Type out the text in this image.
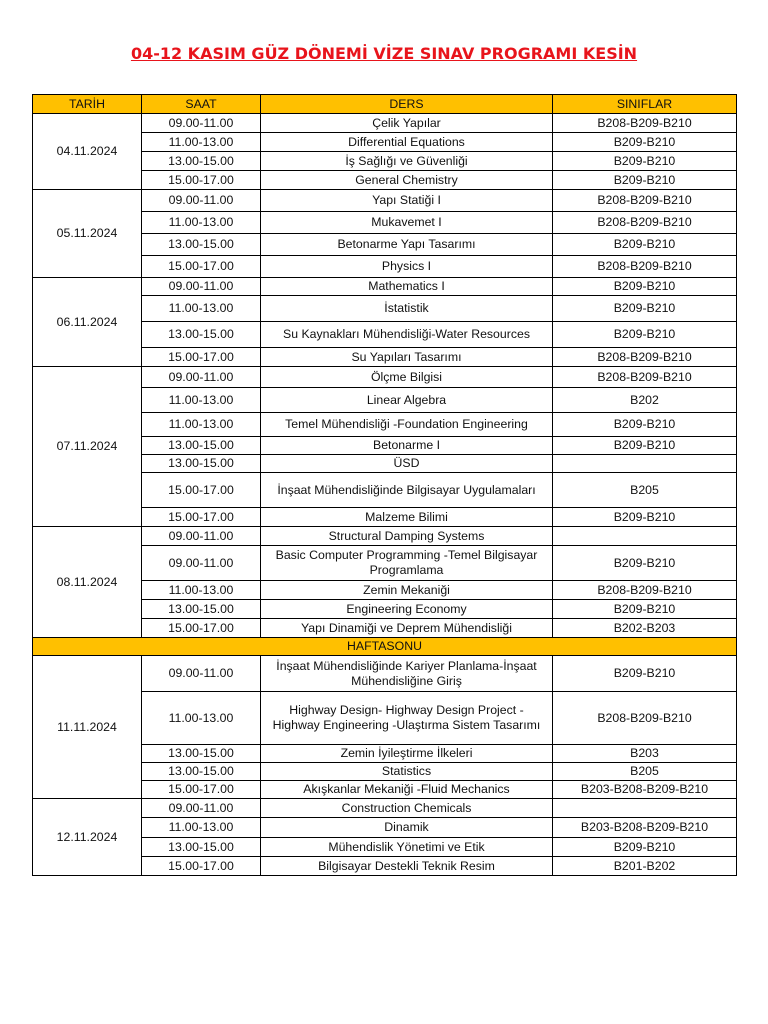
04-12 KASIM GÜZ DÖNEMİ VİZE SINAV PROGRAMI KESİN
TARİH	SAAT	DERS	SINIFLAR
04.11.2024	09.00-11.00	Çelik Yapılar	B208-B209-B210
	11.00-13.00	Differential Equations	B209-B210
	13.00-15.00	İş Sağlığı ve Güvenliği	B209-B210
	15.00-17.00	General Chemistry	B209-B210
05.11.2024	09.00-11.00	Yapı Statiği I	B208-B209-B210
	11.00-13.00	Mukavemet I	B208-B209-B210
	13.00-15.00	Betonarme Yapı Tasarımı	B209-B210
	15.00-17.00	Physics I	B208-B209-B210
06.11.2024	09.00-11.00	Mathematics I	B209-B210
	11.00-13.00	İstatistik	B209-B210
	13.00-15.00	Su Kaynakları Mühendisliği-Water Resources	B209-B210
	15.00-17.00	Su Yapıları Tasarımı	B208-B209-B210
07.11.2024	09.00-11.00	Ölçme Bilgisi	B208-B209-B210
	11.00-13.00	Linear Algebra	B202
	11.00-13.00	Temel Mühendisliği -Foundation Engineering	B209-B210
	13.00-15.00	Betonarme I	B209-B210
	13.00-15.00	ÜSD	
	15.00-17.00	İnşaat Mühendisliğinde Bilgisayar Uygulamaları	B205
	15.00-17.00	Malzeme Bilimi	B209-B210
08.11.2024	09.00-11.00	Structural Damping Systems	
	09.00-11.00	Basic Computer Programming -Temel Bilgisayar Programlama	B209-B210
	11.00-13.00	Zemin Mekaniği	B208-B209-B210
	13.00-15.00	Engineering Economy	B209-B210
	15.00-17.00	Yapı Dinamiği ve Deprem Mühendisliği	B202-B203
HAFTASONU			
11.11.2024	09.00-11.00	İnşaat Mühendisliğinde Kariyer Planlama-İnşaat Mühendisliğine Giriş	B209-B210
	11.00-13.00	Highway Design- Highway Design Project - Highway Engineering -Ulaştırma Sistem Tasarımı	B208-B209-B210
	13.00-15.00	Zemin İyileştirme İlkeleri	B203
	13.00-15.00	Statistics	B205
	15.00-17.00	Akışkanlar Mekaniği -Fluid Mechanics	B203-B208-B209-B210
12.11.2024	09.00-11.00	Construction Chemicals	
	11.00-13.00	Dinamik	B203-B208-B209-B210
	13.00-15.00	Mühendislik Yönetimi ve Etik	B209-B210
	15.00-17.00	Bilgisayar Destekli Teknik Resim	B201-B202
